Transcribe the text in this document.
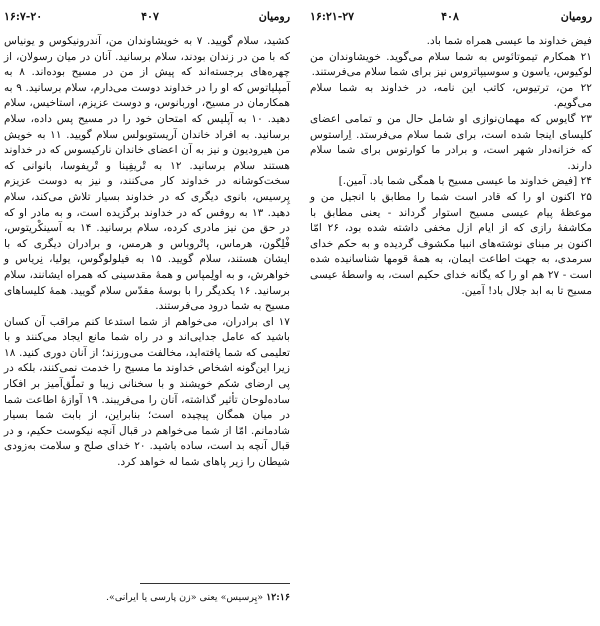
رومیان
۴۰۷
۱۶:۷-۲۰

کشید، سلام گویید. ۷ به خویشاوندان من، آندرونیکوس و یونیاس که با من در زندان بودند، سلام برسانید. آنان در میان رسولان، از چهره‌های برجسته‌اند که پیش از من در مسیح بوده‌اند. ۸ به آمپلیاتوس که او را در خداوند دوست می‌دارم، سلام برسانید. ۹ به همکارمان در مسیح، اوربانوس، و دوست عزیزم، استاخیس، سلام دهید. ۱۰ به آپلیس که امتحان خود را در مسیح پس داده، سلام برسانید. به افراد خاندان آریستوبولس سلام گویید. ۱۱ به خویش من هیرودیون و نیز به آن اعضای خاندان نارکیسوس که در خداوند هستند سلام برسانید. ۱۲ به تْریفِینا و تْریفوسا، بانوانی که سخت‌کوشانه در خداوند کار می‌کنند، و نیز به دوست عزیزم پِرسیس، بانوی دیگری که در خداوند بسیار تلاش می‌کند، سلام دهید. ۱۳ به روفس که در خداوند برگزیده است، و به مادر او که در حق من نیز مادری کرده، سلام برسانید. ۱۴ به آسینکْریتوس، فْلِگون، هرماس، پاتْروباس و هرمس، و برادران دیگری که با ایشان هستند، سلام گویید. ۱۵ به فیلولوگوس، یولیا، نِریاس و خواهرش، و به اولِمپاس و همهٔ مقدسینی که همراه ایشانند، سلام برسانید. ۱۶ یکدیگر را با بوسهٔ مقدّس سلام گویید. همهٔ کلیساهای مسیح به شما درود می‌فرستند.

۱۷ ای برادران، می‌خواهم از شما استدعا کنم مراقب آن کسان باشید که عامل جدایی‌اند و در راه شما مانع ایجاد می‌کنند و با تعلیمی که شما یافته‌اید، مخالفت می‌ورزند؛ از آنان دوری کنید. ۱۸ زیرا این‌گونه اشخاص خداوند ما مسیح را خدمت نمی‌کنند، بلکه در پی ارضای شکم خویشند و با سخنانی زیبا و تملّق‌آمیز بر افکار ساده‌لوحان تأثیر گذاشته، آنان را می‌فریبند. ۱۹ آوازهٔ اطاعت شما در میان همگان پیچیده است؛ بنابراین، از بابت شما بسیار شادمانم. امّا از شما می‌خواهم در قبال آنچه نیکوست حکیم، و در قبال آنچه بد است، ساده باشید. ۲۰ خدای صلح و سلامت به‌زودی شیطان را زیر پاهای شما له خواهد کرد.

۱۲:۱۶ «پِرسیس» یعنی «زن پارسی یا ایرانی».
رومیان
۴۰۸
۱۶:۲۱-۲۷

فیض خداوند ما عیسی همراه شما باد.

۲۱ همکارم تیموتائوس به شما سلام می‌گوید. خویشاوندان من لوکیوس، یاسون و سوسیپاتروس نیز برای شما سلام می‌فرستند.

۲۲ من، ترتیوس، کاتب این نامه، در خداوند به شما سلام می‌گویم.

۲۳ گایوس که مهمان‌نوازی او شامل حال من و تمامی اعضای کلیسای اینجا شده است، برای شما سلام می‌فرستد. اِراستوس که خزانه‌دار شهر است، و برادر ما کوارتوس برای شما سلام دارند.

۲۴ [فیض خداوند ما عیسی مسیح با همگی شما باد. آمین.]

۲۵ اکنون او را که قادر است شما را مطابق با انجیل من و موعظهٔ پیام عیسی مسیح استوار گرداند - یعنی مطابق با مکاشفهٔ رازی که از ایام ازل مخفی داشته شده بود، ۲۶ امّا اکنون بر مبنای نوشته‌های انبیا مکشوف گردیده و به حکم خدای سرمدی، به جهت اطاعت ایمان، به همهٔ قومها شناسانیده شده است - ۲۷ هم او را که یگانه خدای حکیم است، به واسطهٔ عیسی مسیح تا به ابد جلال باد! آمین.
